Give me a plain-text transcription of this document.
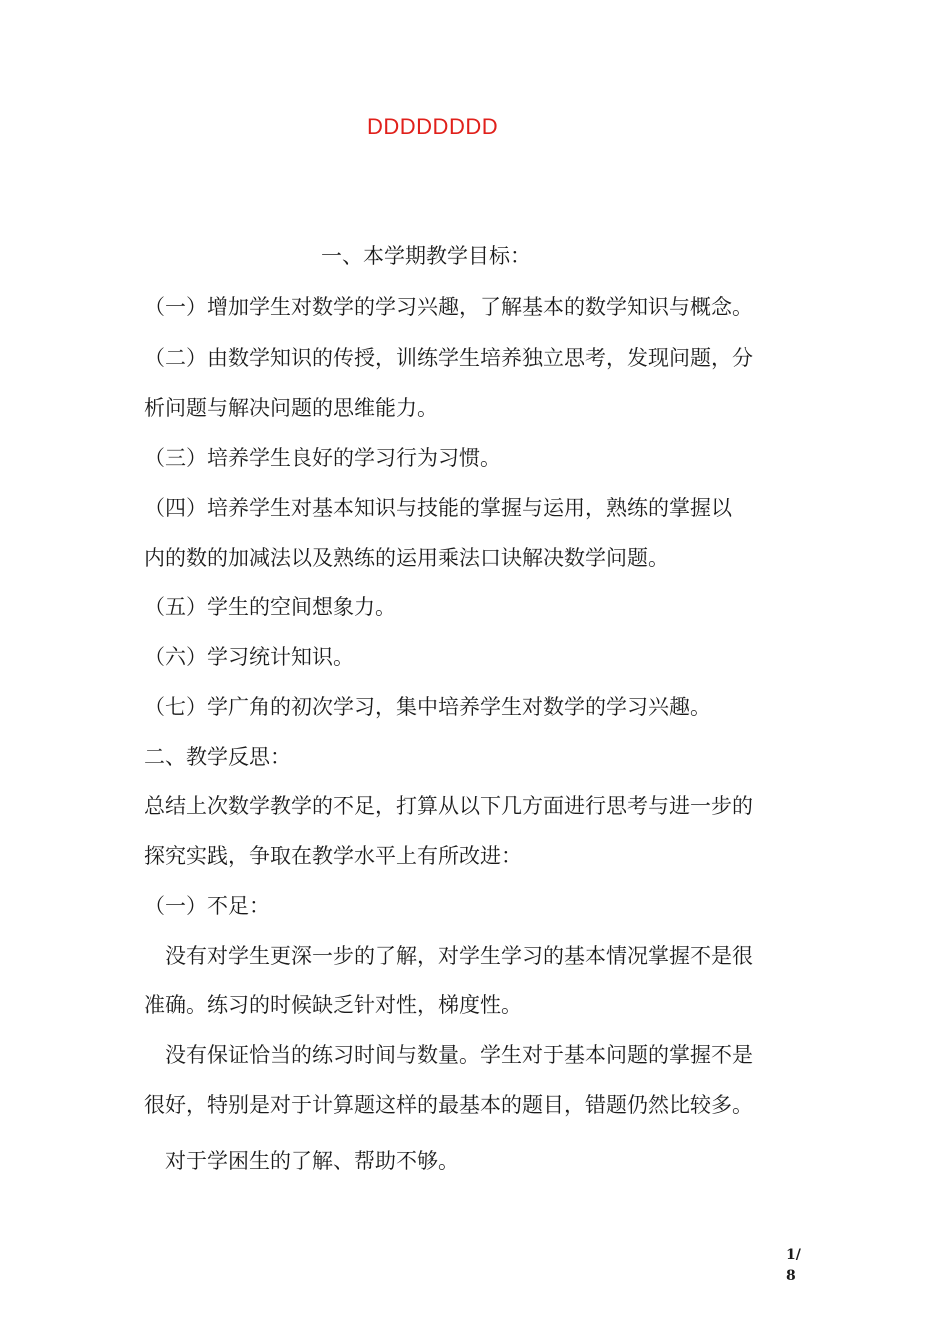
DDDDDDDD
一、本学期教学目标：
（一）增加学生对数学的学习兴趣，了解基本的数学知识与概念。
（二）由数学知识的传授，训练学生培养独立思考，发现问题，分
析问题与解决问题的思维能力。
（三）培养学生良好的学习行为习惯。
（四）培养学生对基本知识与技能的掌握与运用，熟练的掌握以
内的数的加减法以及熟练的运用乘法口诀解决数学问题。
（五）学生的空间想象力。
（六）学习统计知识。
（七）学广角的初次学习，集中培养学生对数学的学习兴趣。
二、教学反思：
总结上次数学教学的不足，打算从以下几方面进行思考与进一步的
探究实践，争取在教学水平上有所改进：
（一）不足：
没有对学生更深一步的了解，对学生学习的基本情况掌握不是很
准确。练习的时候缺乏针对性，梯度性。
没有保证恰当的练习时间与数量。学生对于基本问题的掌握不是
很好，特别是对于计算题这样的最基本的题目，错题仍然比较多。
对于学困生的了解、帮助不够。
1/
8
